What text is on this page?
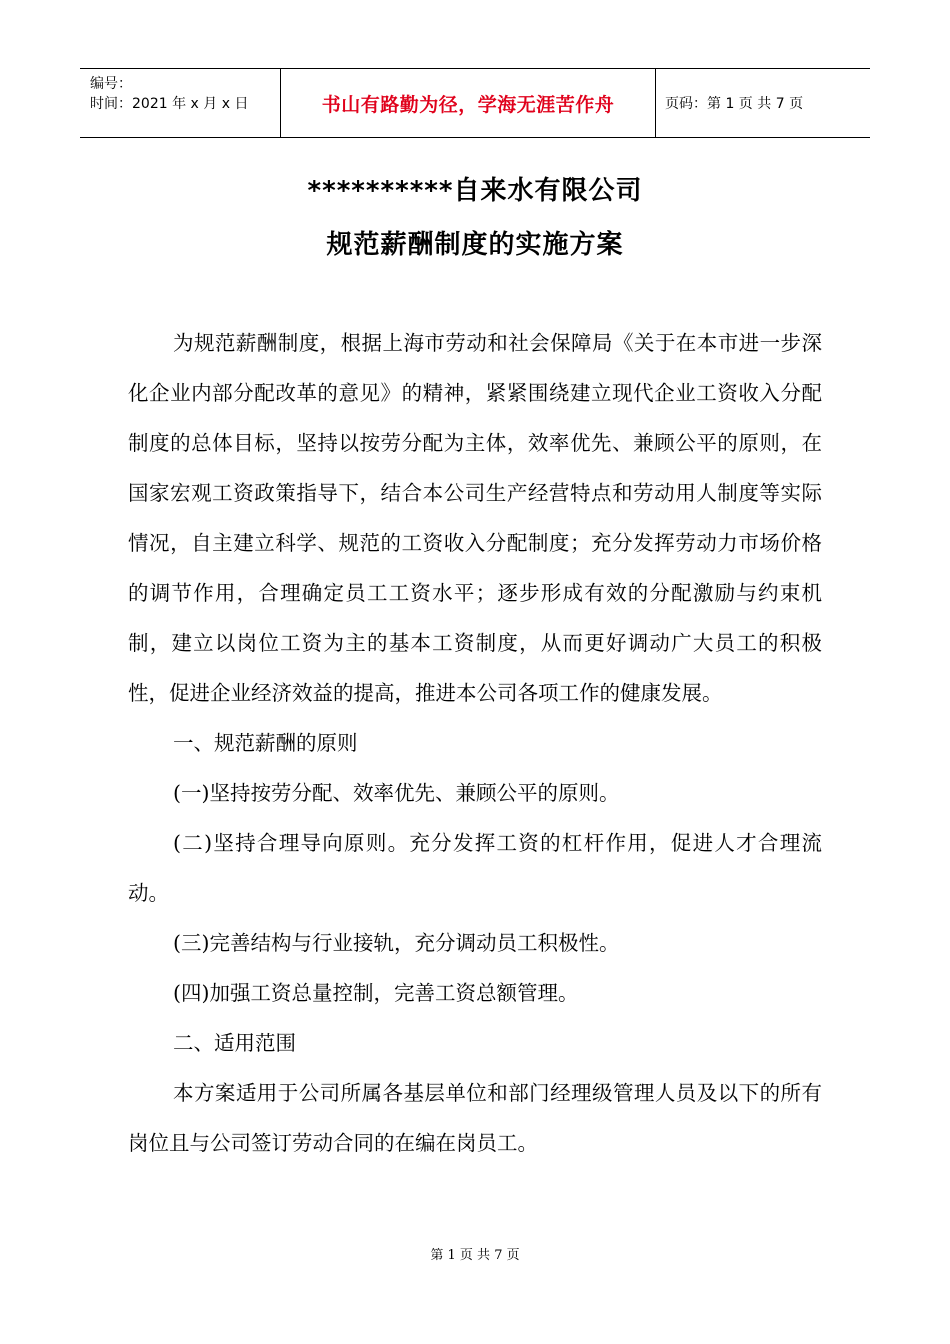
编号：
时间：2021 年 x 月 x 日	书山有路勤为径，学海无涯苦作舟	页码：第 1 页 共 7 页
**********自来水有限公司
规范薪酬制度的实施方案

为规范薪酬制度，根据上海市劳动和社会保障局《关于在本市进一步深化企业内部分配改革的意见》的精神，紧紧围绕建立现代企业工资收入分配制度的总体目标，坚持以按劳分配为主体，效率优先、兼顾公平的原则，在国家宏观工资政策指导下，结合本公司生产经营特点和劳动用人制度等实际情况，自主建立科学、规范的工资收入分配制度；充分发挥劳动力市场价格的调节作用，合理确定员工工资水平；逐步形成有效的分配激励与约束机制，建立以岗位工资为主的基本工资制度，从而更好调动广大员工的积极性，促进企业经济效益的提高，推进本公司各项工作的健康发展。

一、规范薪酬的原则

(一)坚持按劳分配、效率优先、兼顾公平的原则。

(二)坚持合理导向原则。充分发挥工资的杠杆作用，促进人才合理流动。

(三)完善结构与行业接轨，充分调动员工积极性。

(四)加强工资总量控制，完善工资总额管理。

二、适用范围

本方案适用于公司所属各基层单位和部门经理级管理人员及以下的所有岗位且与公司签订劳动合同的在编在岗员工。

第 1 页 共 7 页
